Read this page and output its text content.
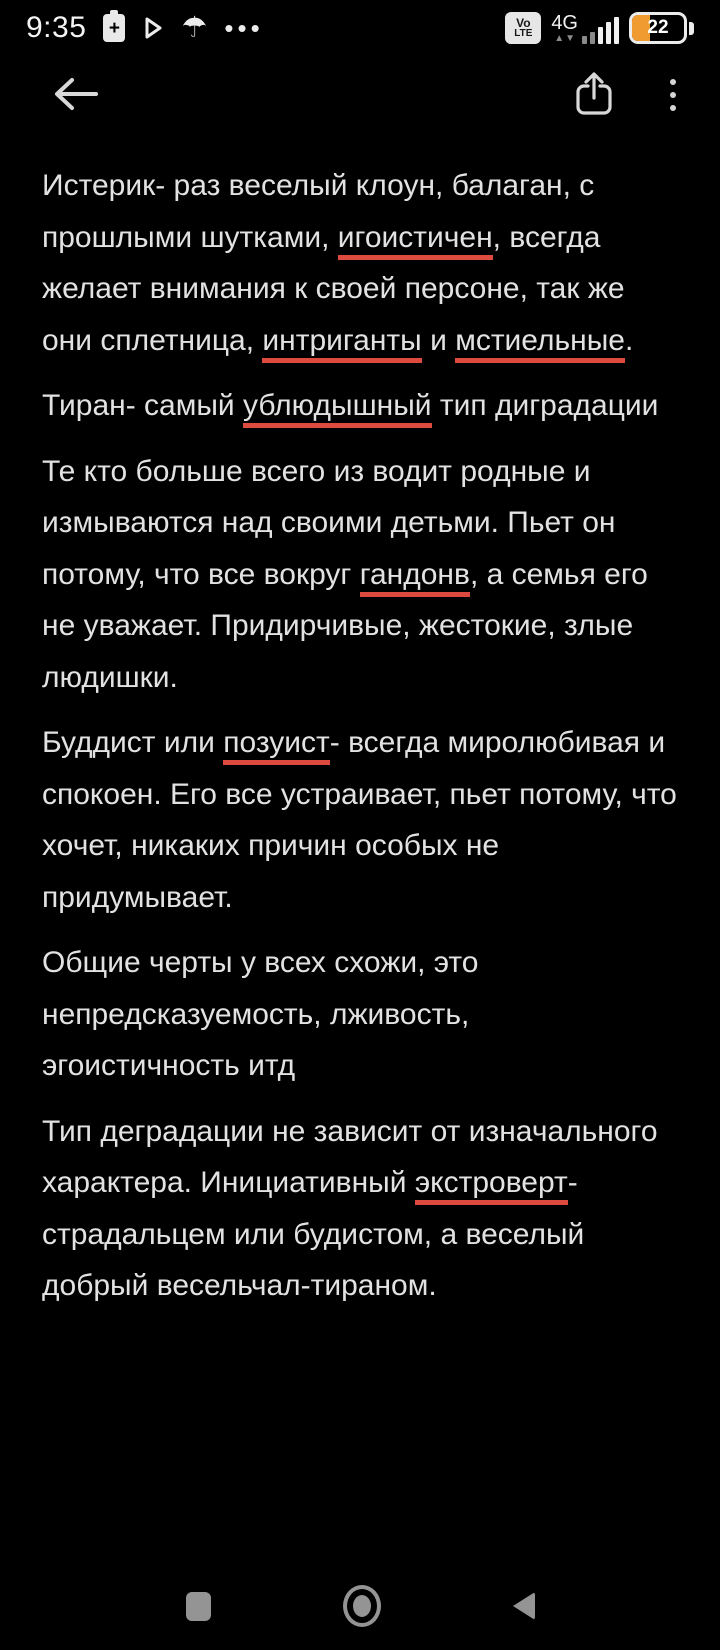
9:35 + ☂ •••	Vo
LTE 4G
▲ ▼	22
Истерик- раз веселый клоун, балаган, с
прошлыми шутками, игоистичен, всегда
желает внимания к своей персоне, так же
они сплетница, интриганты и мстиельные.
Тиран- самый ублюдышный тип диградации
Те кто больше всего из водит родные и
измываются над своими детьми. Пьет он
потому, что все вокруг гандонв, а семья его
не уважает. Придирчивые, жестокие, злые
людишки.
Буддист или позуист- всегда миролюбивая и
спокоен. Его все устраивает, пьет потому, что
хочет, никаких причин особых не
придумывает.
Общие черты у всех схожи, это
непредсказуемость, лживость,
эгоистичность итд
Тип деградации не зависит от изначального
характера. Инициативный экстроверт-
страдальцем или будистом, а веселый
добрый весельчал-тираном.
